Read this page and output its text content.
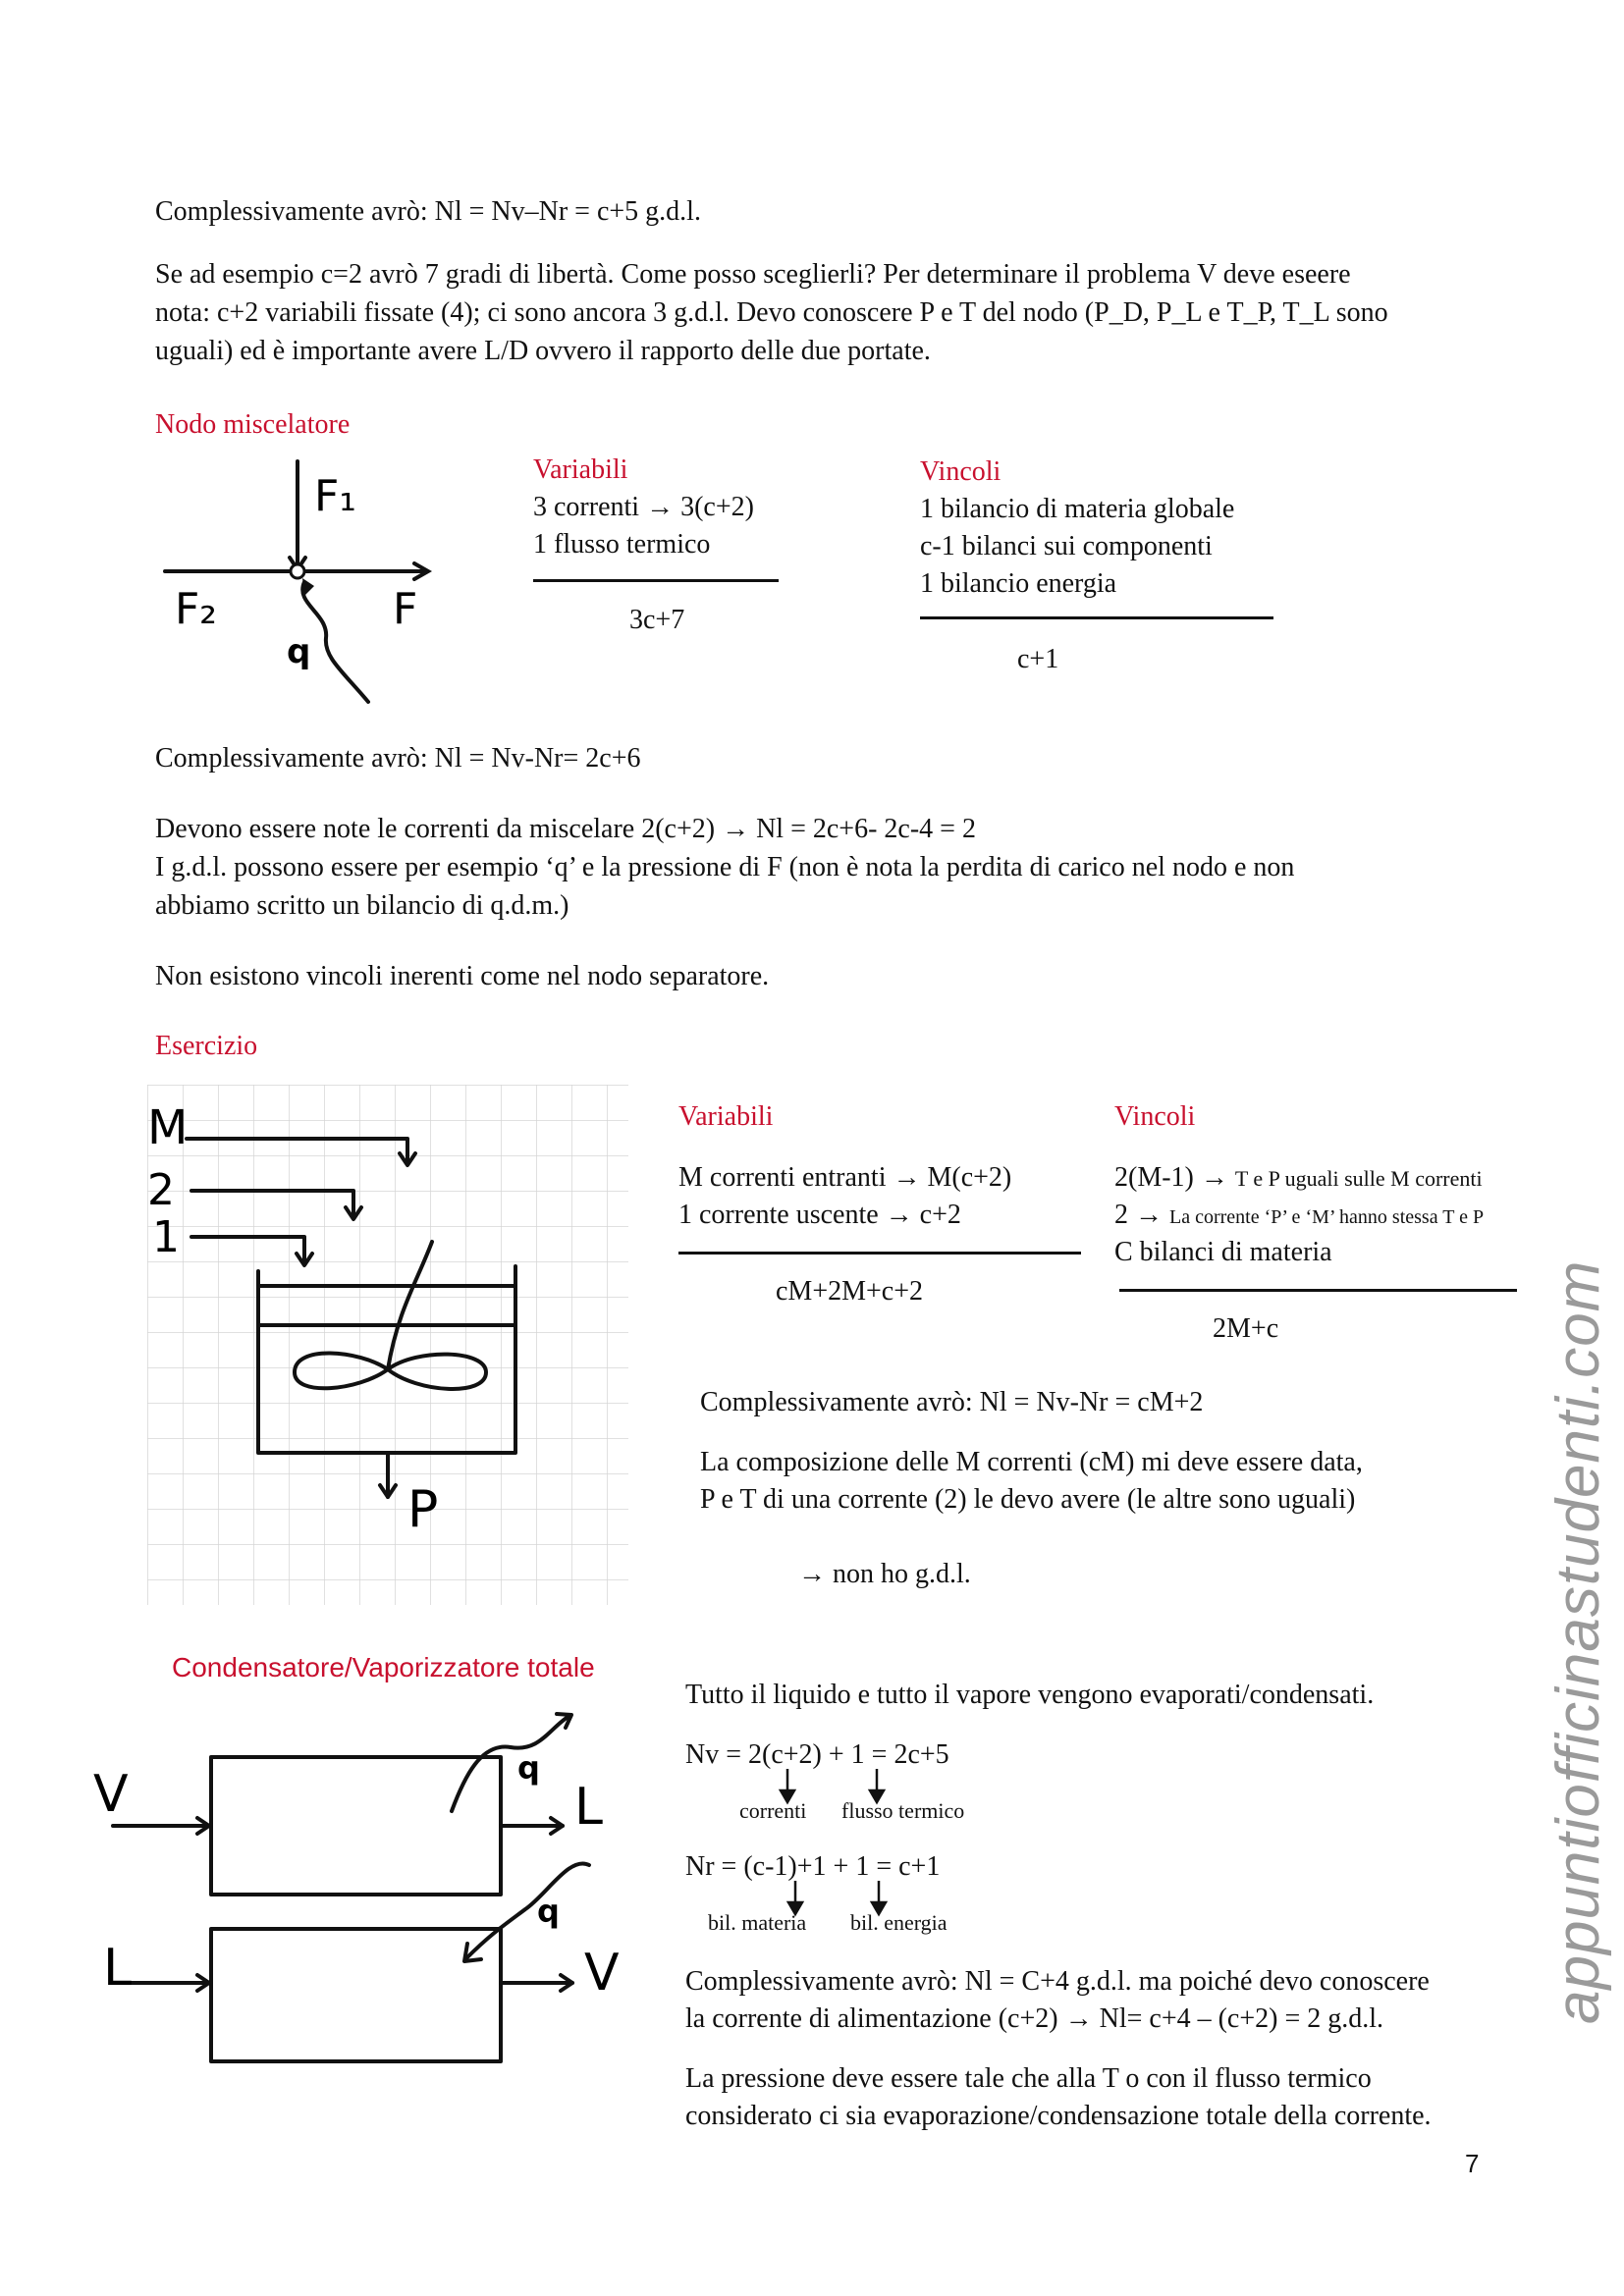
Complessivamente avrò: Nl = Nv–Nr = c+5 g.d.l.
Se ad esempio c=2 avrò 7 gradi di libertà. Come posso sceglierli? Per determinare il problema V deve eseere
nota: c+2 variabili fissate (4); ci sono ancora 3 g.d.l. Devo conoscere P e T del nodo (P_D, P_L e T_P, T_L sono
uguali) ed è importante avere L/D ovvero il rapporto delle due portate.
Nodo miscelatore
F₁
F₂	F
q
Variabili
3 correnti → 3(c+2)
1 flusso termico
3c+7
Vincoli
1 bilancio di materia globale
c-1 bilanci sui componenti
1 bilancio energia
c+1
Complessivamente avrò: Nl = Nv-Nr= 2c+6
Devono essere note le correnti da miscelare 2(c+2) → Nl = 2c+6- 2c-4 = 2
I g.d.l. possono essere per esempio ‘q’ e la pressione di F (non è nota la perdita di carico nel nodo e non
abbiamo scritto un bilancio di q.d.m.)
Non esistono vincoli inerenti come nel nodo separatore.
Esercizio
M
2
1
P
Variabili
M correnti entranti → M(c+2)
1 corrente uscente → c+2
cM+2M+c+2
Vincoli
2(M-1) → T e P uguali sulle M correnti
2 → La corrente ‘P’ e ‘M’ hanno stessa T e P
C bilanci di materia
2M+c
Complessivamente avrò: Nl = Nv-Nr = cM+2
La composizione delle M correnti (cM) mi deve essere data,
P e T di una corrente (2) le devo avere (le altre sono uguali)
→ non ho g.d.l.
Condensatore/Vaporizzatore totale
V	L
q
L	V
q
Tutto il liquido e tutto il vapore vengono evaporati/condensati.
Nv = 2(c+2) + 1 = 2c+5
correnti flusso termico
Nr = (c-1)+1 + 1 = c+1
bil. materia bil. energia
Complessivamente avrò: Nl = C+4 g.d.l. ma poiché devo conoscere
la corrente di alimentazione (c+2) → Nl= c+4 – (c+2) = 2 g.d.l.
La pressione deve essere tale che alla T o con il flusso termico
considerato ci sia evaporazione/condensazione totale della corrente.
7
appuntiofficinastudenti.com
